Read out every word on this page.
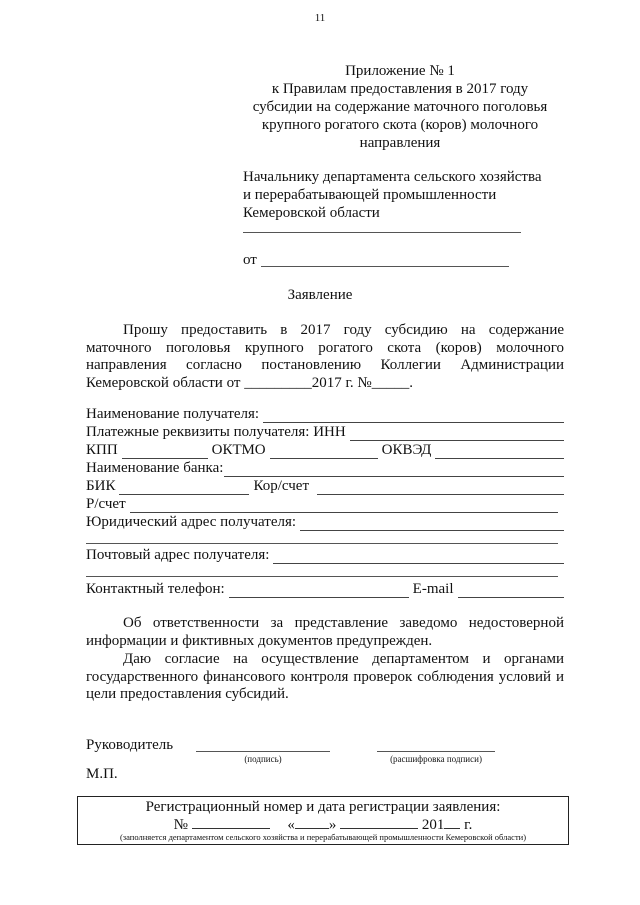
11
Приложение № 1
к Правилам предоставления в 2017 году
субсидии на содержание маточного поголовья
крупного рогатого скота (коров) молочного
направления
Начальнику департамента сельского хозяйства
и перерабатывающей промышленности
Кемеровской области
от
Заявление
Прошу предоставить в 2017 году субсидию на содержание маточного поголовья крупного рогатого скота (коров) молочного направления согласно постановлению Коллегии Администрации Кемеровской области от _________2017 г. №_____.
Наименование получателя:
Платежные реквизиты получателя: ИНН
КПП	ОКТМО	ОКВЭД
Наименование банка:
БИК	Кор/счет
Р/счет
Юридический адрес получателя:
Почтовый адрес получателя:
Контактный телефон:	E-mail
Об ответственности за представление заведомо недостоверной информации и фиктивных документов предупрежден.
Даю согласие на осуществление департаментом и органами государственного финансового контроля проверок соблюдения условий и цели предоставления субсидий.
Руководитель
(подпись)	(расшифровка подписи)
М.П.
Регистрационный номер и дата регистрации заявления:
№	« »	201 г.
(заполняется департаментом сельского хозяйства и перерабатывающей промышленности Кемеровской области)
